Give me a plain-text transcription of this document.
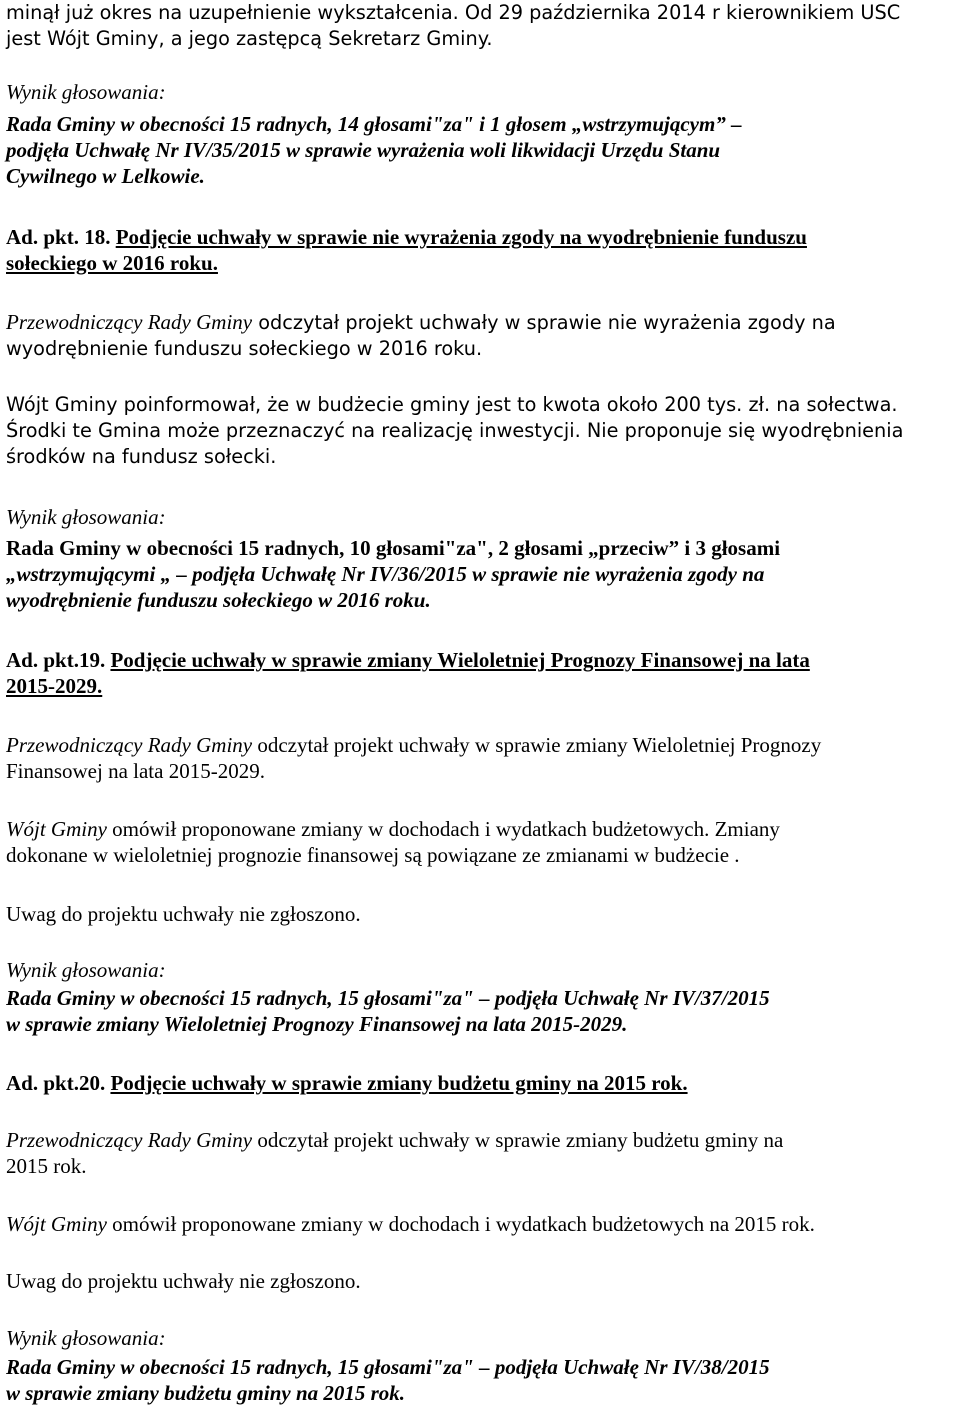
minął już okres na uzupełnienie wykształcenia. Od 29 października 2014 r kierownikiem USC
jest Wójt Gminy, a jego zastępcą Sekretarz Gminy.
Wynik głosowania:
Rada Gminy w obecności 15 radnych, 14 głosami"za" i 1 głosem „wstrzymującym” –
podjęła Uchwałę Nr IV/35/2015 w sprawie wyrażenia woli likwidacji Urzędu Stanu
Cywilnego w Lelkowie.
Ad. pkt. 18. Podjęcie uchwały w sprawie nie wyrażenia zgody na wyodrębnienie funduszu
sołeckiego w 2016 roku.
Przewodniczący Rady Gminy odczytał projekt uchwały w sprawie nie wyrażenia zgody na
wyodrębnienie funduszu sołeckiego w 2016 roku.
Wójt Gminy poinformował, że w budżecie gminy jest to kwota około 200 tys. zł. na sołectwa.
Środki te Gmina może przeznaczyć na realizację inwestycji. Nie proponuje się wyodrębnienia
środków na fundusz sołecki.
Wynik głosowania:
Rada Gminy w obecności 15 radnych, 10 głosami"za", 2 głosami „przeciw” i 3 głosami
„wstrzymującymi „ – podjęła Uchwałę Nr IV/36/2015 w sprawie nie wyrażenia zgody na
wyodrębnienie funduszu sołeckiego w 2016 roku.
Ad. pkt.19. Podjęcie uchwały w sprawie zmiany Wieloletniej Prognozy Finansowej na lata
2015-2029.
Przewodniczący Rady Gminy odczytał projekt uchwały w sprawie zmiany Wieloletniej Prognozy
Finansowej na lata 2015-2029.
Wójt Gminy omówił proponowane zmiany w dochodach i wydatkach budżetowych. Zmiany
dokonane w wieloletniej prognozie finansowej są powiązane ze zmianami w budżecie .
Uwag do projektu uchwały nie zgłoszono.
Wynik głosowania:
Rada Gminy w obecności 15 radnych, 15 głosami"za" – podjęła Uchwałę Nr IV/37/2015
w sprawie zmiany Wieloletniej Prognozy Finansowej na lata 2015-2029.
Ad. pkt.20. Podjęcie uchwały w sprawie zmiany budżetu gminy na 2015 rok.
Przewodniczący Rady Gminy odczytał projekt uchwały w sprawie zmiany budżetu gminy na
2015 rok.
Wójt Gminy omówił proponowane zmiany w dochodach i wydatkach budżetowych na 2015 rok.
Uwag do projektu uchwały nie zgłoszono.
Wynik głosowania:
Rada Gminy w obecności 15 radnych, 15 głosami"za" – podjęła Uchwałę Nr IV/38/2015
w sprawie zmiany budżetu gminy na 2015 rok.
